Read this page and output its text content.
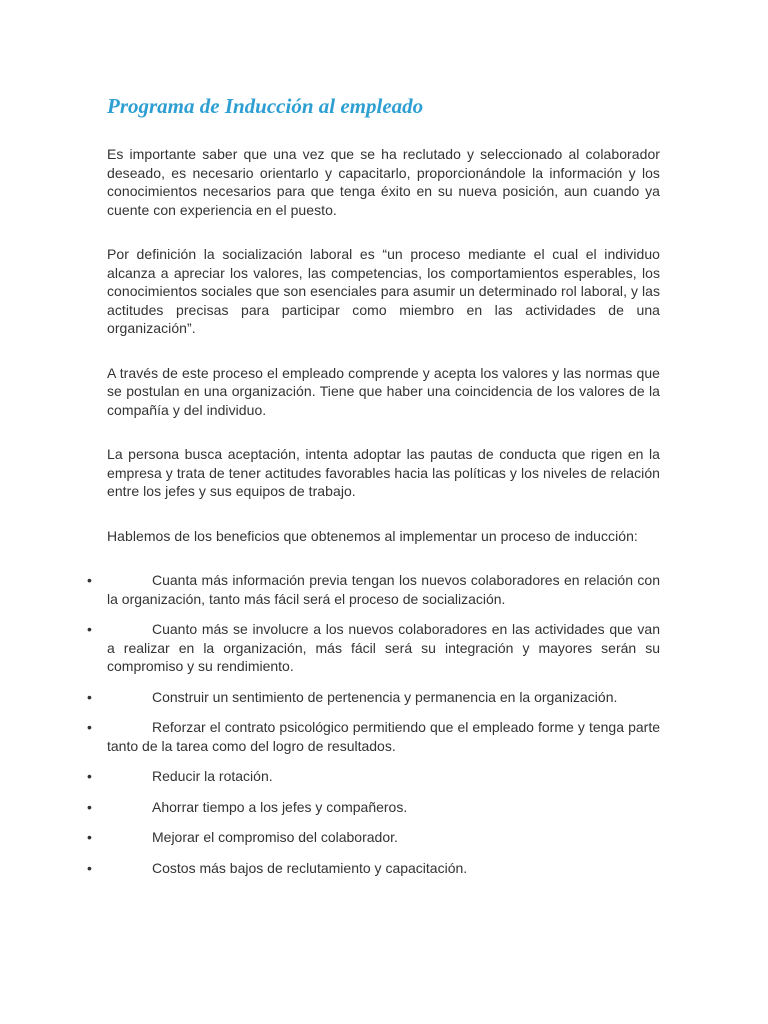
Programa de Inducción al empleado

Es importante saber que una vez que se ha reclutado y seleccionado al colaborador deseado, es necesario orientarlo y capacitarlo, proporcionándole la información y los conocimientos necesarios para que tenga éxito en su nueva posición, aun cuando ya cuente con experiencia en el puesto.

Por definición la socialización laboral es “un proceso mediante el cual el individuo alcanza a apreciar los valores, las competencias, los comportamientos esperables, los conocimientos sociales que son esenciales para asumir un determinado rol laboral, y las actitudes precisas para participar como miembro en las actividades de una organización”.

A través de este proceso el empleado comprende y acepta los valores y las normas que se postulan en una organización. Tiene que haber una coincidencia de los valores de la compañía y del individuo.

La persona busca aceptación, intenta adoptar las pautas de conducta que rigen en la empresa y trata de tener actitudes favorables hacia las políticas y los niveles de relación entre los jefes y sus equipos de trabajo.

Hablemos de los beneficios que obtenemos al implementar un proceso de inducción:

•	Cuanta más información previa tengan los nuevos colaboradores en relación con la organización, tanto más fácil será el proceso de socialización.
•	Cuanto más se involucre a los nuevos colaboradores en las actividades que van a realizar en la organización, más fácil será su integración y mayores serán su compromiso y su rendimiento.
•	Construir un sentimiento de pertenencia y permanencia en la organización.
•	Reforzar el contrato psicológico permitiendo que el empleado forme y tenga parte tanto de la tarea como del logro de resultados.
•	Reducir la rotación.
•	Ahorrar tiempo a los jefes y compañeros.
•	Mejorar el compromiso del colaborador.
•	Costos más bajos de reclutamiento y capacitación.
